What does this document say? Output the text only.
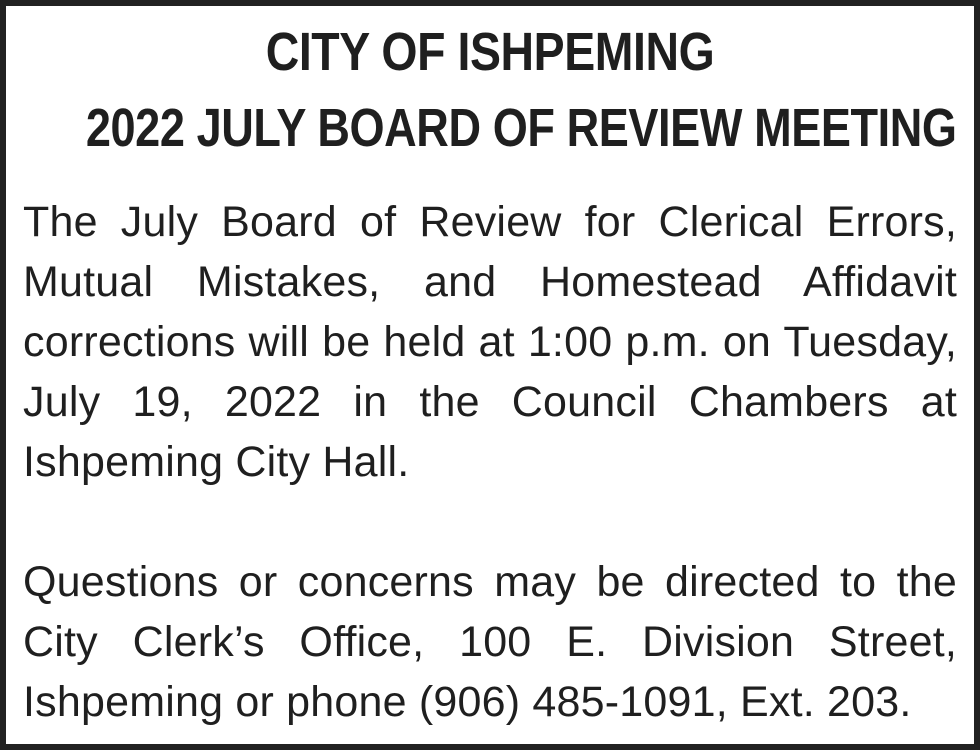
CITY OF ISHPEMING
2022 JULY BOARD OF REVIEW MEETING

The July Board of Review for Clerical Errors, Mutual Mistakes, and Homestead Affidavit corrections will be held at 1:00 p.m. on Tuesday, July 19, 2022 in the Council Chambers at Ishpeming City Hall.

Questions or concerns may be directed to the City Clerk’s Office, 100 E. Division Street, Ishpeming or phone (906) 485-1091, Ext. 203.
